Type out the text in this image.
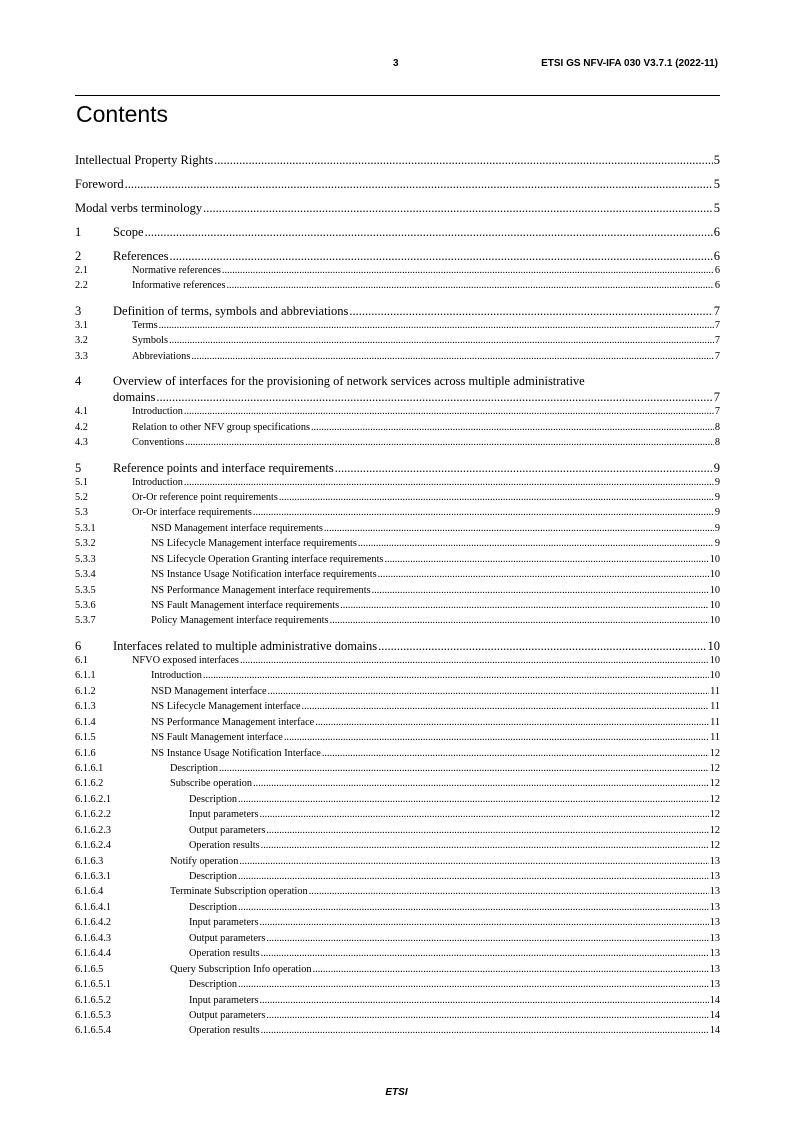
3	ETSI GS NFV-IFA 030 V3.7.1 (2022-11)
Contents
Intellectual Property Rights .....	5
Foreword .....	5
Modal verbs terminology .....	5
1	Scope .....	6
2	References .....	6
2.1	Normative references .....	6
2.2	Informative references .....	6
3	Definition of terms, symbols and abbreviations .....	7
3.1	Terms .....	7
3.2	Symbols .....	7
3.3	Abbreviations .....	7
4	Overview of interfaces for the provisioning of network services across multiple administrative
domains .....	7
4.1	Introduction .....	7
4.2	Relation to other NFV group specifications .....	8
4.3	Conventions .....	8
5	Reference points and interface requirements .....	9
5.1	Introduction .....	9
5.2	Or-Or reference point requirements .....	9
5.3	Or-Or interface requirements .....	9
5.3.1	NSD Management interface requirements .....	9
5.3.2	NS Lifecycle Management interface requirements .....	9
5.3.3	NS Lifecycle Operation Granting interface requirements .....	10
5.3.4	NS Instance Usage Notification interface requirements .....	10
5.3.5	NS Performance Management interface requirements .....	10
5.3.6	NS Fault Management interface requirements .....	10
5.3.7	Policy Management interface requirements .....	10
6	Interfaces related to multiple administrative domains .....	10
6.1	NFVO exposed interfaces .....	10
6.1.1	Introduction .....	10
6.1.2	NSD Management interface .....	11
6.1.3	NS Lifecycle Management interface .....	11
6.1.4	NS Performance Management interface .....	11
6.1.5	NS Fault Management interface .....	11
6.1.6	NS Instance Usage Notification Interface .....	12
6.1.6.1	Description .....	12
6.1.6.2	Subscribe operation .....	12
6.1.6.2.1	Description .....	12
6.1.6.2.2	Input parameters .....	12
6.1.6.2.3	Output parameters .....	12
6.1.6.2.4	Operation results .....	12
6.1.6.3	Notify operation .....	13
6.1.6.3.1	Description .....	13
6.1.6.4	Terminate Subscription operation .....	13
6.1.6.4.1	Description .....	13
6.1.6.4.2	Input parameters .....	13
6.1.6.4.3	Output parameters .....	13
6.1.6.4.4	Operation results .....	13
6.1.6.5	Query Subscription Info operation .....	13
6.1.6.5.1	Description .....	13
6.1.6.5.2	Input parameters .....	14
6.1.6.5.3	Output parameters .....	14
6.1.6.5.4	Operation results .....	14
ETSI
